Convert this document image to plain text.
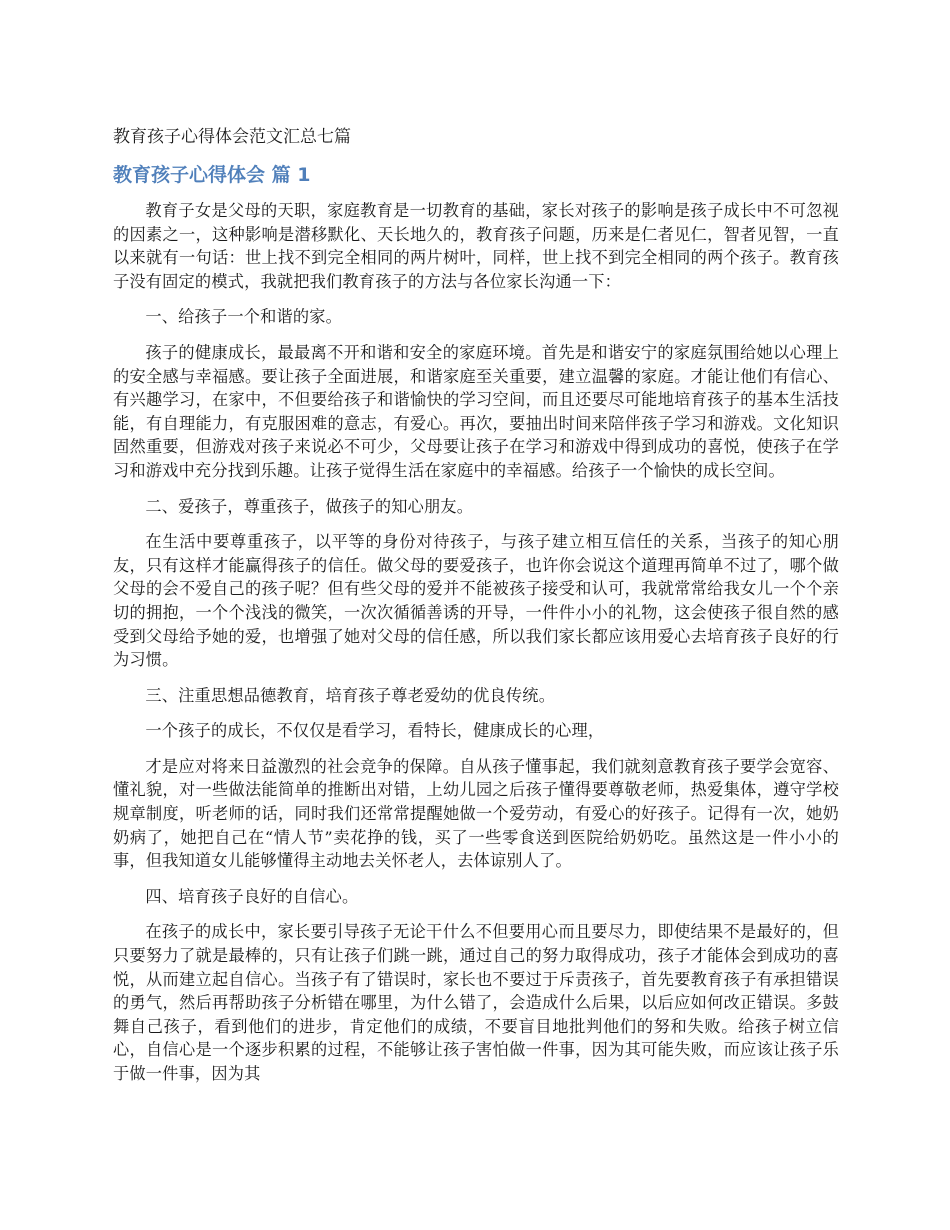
教育孩子心得体会范文汇总七篇
教育孩子心得体会 篇 1

教育子女是父母的天职，家庭教育是一切教育的基础，家长对孩子的影响是孩子成长中不可忽视的因素之一，这种影响是潜移默化、天长地久的，教育孩子问题，历来是仁者见仁，智者见智，一直以来就有一句话：世上找不到完全相同的两片树叶，同样，世上找不到完全相同的两个孩子。教育孩子没有固定的模式，我就把我们教育孩子的方法与各位家长沟通一下：

一、给孩子一个和谐的家。

孩子的健康成长，最最离不开和谐和安全的家庭环境。首先是和谐安宁的家庭氛围给她以心理上的安全感与幸福感。要让孩子全面进展，和谐家庭至关重要，建立温馨的家庭。才能让他们有信心、有兴趣学习，在家中，不但要给孩子和谐愉快的学习空间，而且还要尽可能地培育孩子的基本生活技能，有自理能力，有克服困难的意志，有爱心。再次，要抽出时间来陪伴孩子学习和游戏。文化知识固然重要，但游戏对孩子来说必不可少，父母要让孩子在学习和游戏中得到成功的喜悦，使孩子在学习和游戏中充分找到乐趣。让孩子觉得生活在家庭中的幸福感。给孩子一个愉快的成长空间。

二、爱孩子，尊重孩子，做孩子的知心朋友。

在生活中要尊重孩子，以平等的身份对待孩子，与孩子建立相互信任的关系，当孩子的知心朋友，只有这样才能赢得孩子的信任。做父母的要爱孩子，也许你会说这个道理再简单不过了，哪个做父母的会不爱自己的孩子呢？但有些父母的爱并不能被孩子接受和认可，我就常常给我女儿一个个亲切的拥抱，一个个浅浅的微笑，一次次循循善诱的开导，一件件小小的礼物，这会使孩子很自然的感受到父母给予她的爱，也增强了她对父母的信任感，所以我们家长都应该用爱心去培育孩子良好的行为习惯。

三、注重思想品德教育，培育孩子尊老爱幼的优良传统。

一个孩子的成长，不仅仅是看学习，看特长，健康成长的心理，

才是应对将来日益激烈的社会竞争的保障。自从孩子懂事起，我们就刻意教育孩子要学会宽容、懂礼貌，对一些做法能简单的推断出对错，上幼儿园之后孩子懂得要尊敬老师，热爱集体，遵守学校规章制度，听老师的话，同时我们还常常提醒她做一个爱劳动，有爱心的好孩子。记得有一次，她奶奶病了，她把自己在“情人节”卖花挣的钱，买了一些零食送到医院给奶奶吃。虽然这是一件小小的事，但我知道女儿能够懂得主动地去关怀老人，去体谅别人了。

四、培育孩子良好的自信心。

在孩子的成长中，家长要引导孩子无论干什么不但要用心而且要尽力，即使结果不是最好的，但只要努力了就是最棒的，只有让孩子们跳一跳，通过自己的努力取得成功，孩子才能体会到成功的喜悦，从而建立起自信心。当孩子有了错误时，家长也不要过于斥责孩子，首先要教育孩子有承担错误的勇气，然后再帮助孩子分析错在哪里，为什么错了，会造成什么后果，以后应如何改正错误。多鼓舞自己孩子，看到他们的进步，肯定他们的成绩，不要盲目地批判他们的努和失败。给孩子树立信心，自信心是一个逐步积累的过程，不能够让孩子害怕做一件事，因为其可能失败，而应该让孩子乐于做一件事，因为其
